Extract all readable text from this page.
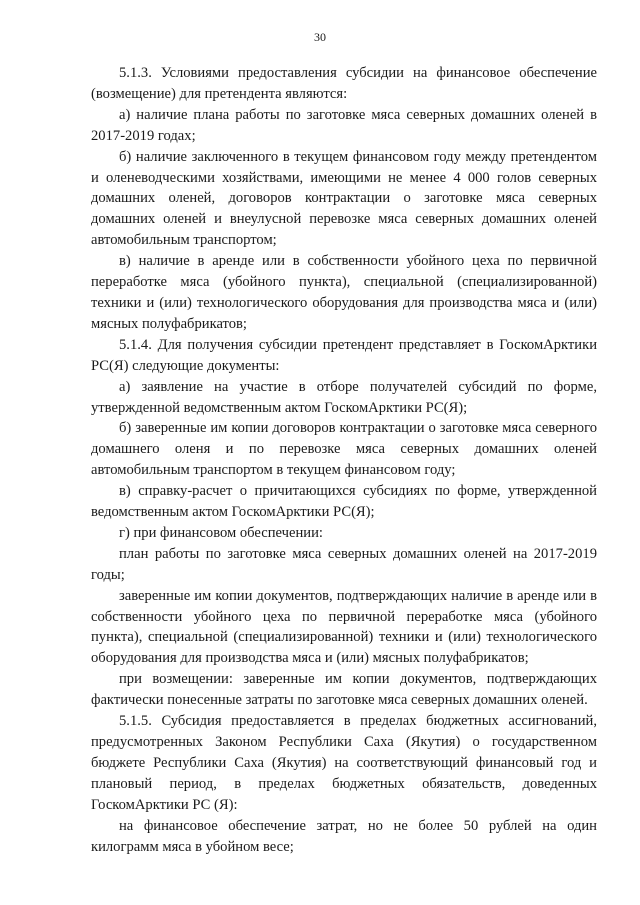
30

5.1.3. Условиями предоставления субсидии на финансовое обеспечение (возмещение) для претендента являются:

а) наличие плана работы по заготовке мяса северных домашних оленей в 2017-2019 годах;

б) наличие заключенного в текущем финансовом году между претендентом и оленеводческими хозяйствами, имеющими не менее 4 000 голов северных домашних оленей, договоров контрактации о заготовке мяса северных домашних оленей и внеулусной перевозке мяса северных домашних оленей автомобильным транспортом;

в) наличие в аренде или в собственности убойного цеха по первичной переработке мяса (убойного пункта), специальной (специализированной) техники и (или) технологического оборудования для производства мяса и (или) мясных полуфабрикатов;

5.1.4. Для получения субсидии претендент представляет в ГоскомАрктики РС(Я) следующие документы:

а) заявление на участие в отборе получателей субсидий по форме, утвержденной ведомственным актом ГоскомАрктики РС(Я);

б) заверенные им копии договоров контрактации о заготовке мяса северного домашнего оленя и по перевозке мяса северных домашних оленей автомобильным транспортом в текущем финансовом году;

в) справку-расчет о причитающихся субсидиях по форме, утвержденной ведомственным актом ГоскомАрктики РС(Я);

г) при финансовом обеспечении:

план работы по заготовке мяса северных домашних оленей на 2017-2019 годы;

заверенные им копии документов, подтверждающих наличие в аренде или в собственности убойного цеха по первичной переработке мяса (убойного пункта), специальной (специализированной) техники и (или) технологического оборудования для производства мяса и (или) мясных полуфабрикатов;

при возмещении: заверенные им копии документов, подтверждающих фактически понесенные затраты по заготовке мяса северных домашних оленей.

5.1.5. Субсидия предоставляется в пределах бюджетных ассигнований, предусмотренных Законом Республики Саха (Якутия) о государственном бюджете Республики Саха (Якутия) на соответствующий финансовый год и плановый период, в пределах бюджетных обязательств, доведенных ГоскомАрктики РС (Я):

на финансовое обеспечение затрат, но не более 50 рублей на один килограмм мяса в убойном весе;
